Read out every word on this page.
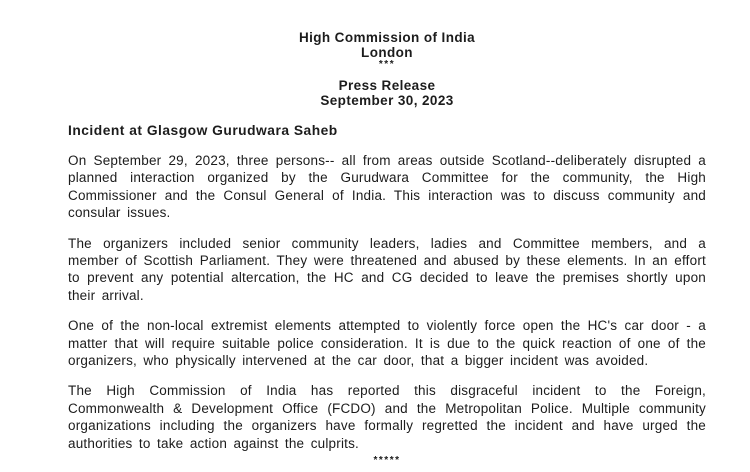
High Commission of India
London
***
Press Release
September 30, 2023
Incident at Glasgow Gurudwara Saheb

On September 29, 2023, three persons-- all from areas outside Scotland--deliberately disrupted a planned interaction organized by the Gurudwara Committee for the community, the High Commissioner and the Consul General of India. This interaction was to discuss community and consular issues.

The organizers included senior community leaders, ladies and Committee members, and a member of Scottish Parliament. They were threatened and abused by these elements. In an effort to prevent any potential altercation, the HC and CG decided to leave the premises shortly upon their arrival.

One of the non-local extremist elements attempted to violently force open the HC's car door - a matter that will require suitable police consideration. It is due to the quick reaction of one of the organizers, who physically intervened at the car door, that a bigger incident was avoided.

The High Commission of India has reported this disgraceful incident to the Foreign, Commonwealth & Development Office (FCDO) and the Metropolitan Police. Multiple community organizations including the organizers have formally regretted the incident and have urged the authorities to take action against the culprits.

*****
